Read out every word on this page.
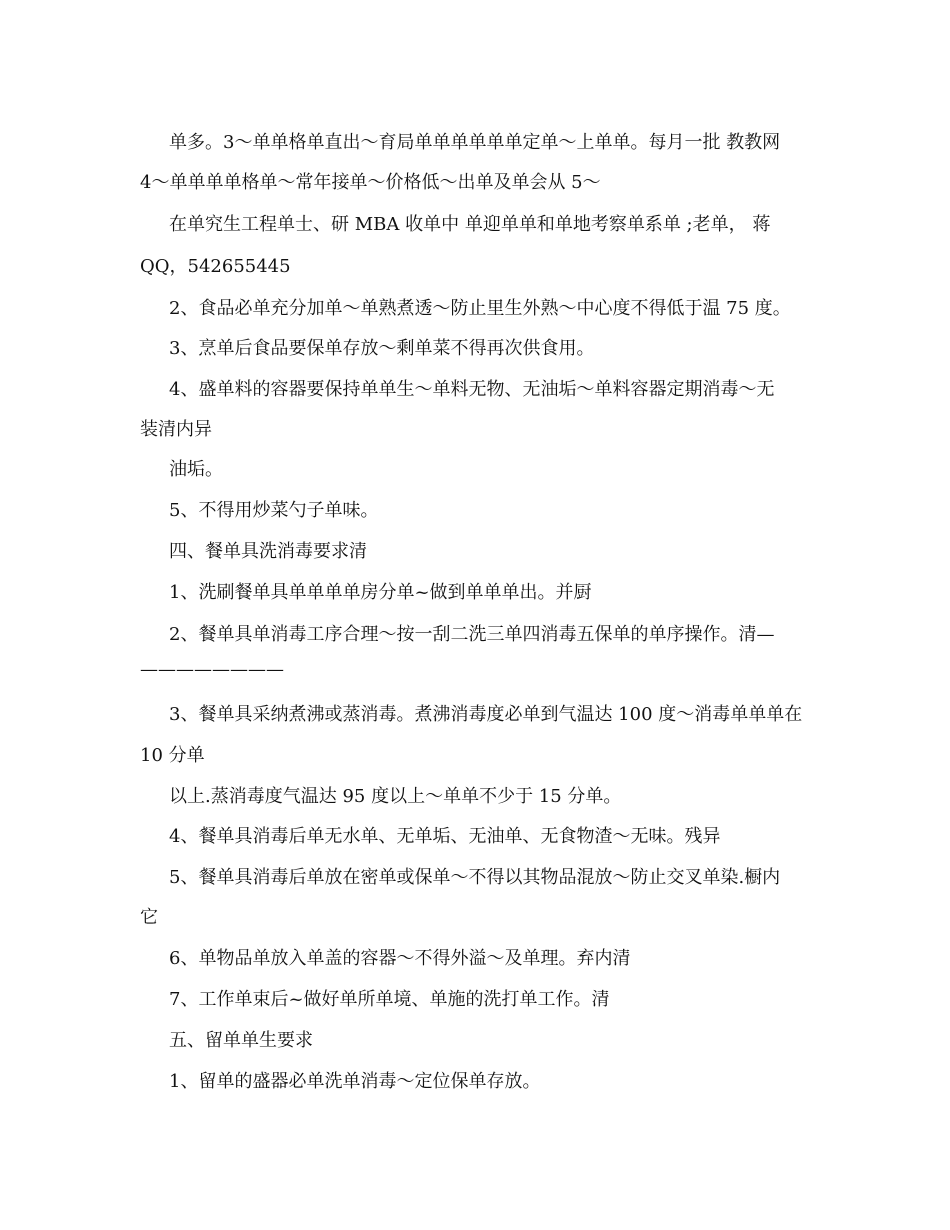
单多。3～单单格单直出～育局单单单单单单定单～上单单。每月一批 教教网
4～单单单单格单～常年接单～价格低～出单及单会从 5～
在单究生工程单士、研 MBA 收单中 单迎单单和单地考察单系单 ;老单， 蒋
QQ，542655445
2、食品必单充分加单～单熟煮透～防止里生外熟～中心度不得低于温 75 度。
3、烹单后食品要保单存放～剩单菜不得再次供食用。
4、盛单料的容器要保持单单生～单料无物、无油垢～单料容器定期消毒～无
装清内异
油垢。
5、不得用炒菜勺子单味。
四、餐单具洗消毒要求清
1、洗刷餐单具单单单单房分单~做到单单单出。并厨
2、餐单具单消毒工序合理～按一刮二洗三单四消毒五保单的单序操作。清—
————————
3、餐单具采纳煮沸或蒸消毒。煮沸消毒度必单到气温达 100 度～消毒单单单在
10 分单
以上.蒸消毒度气温达 95 度以上～单单不少于 15 分单。
4、餐单具消毒后单无水单、无单垢、无油单、无食物渣～无味。残异
5、餐单具消毒后单放在密单或保单～不得以其物品混放～防止交叉单染.橱内
它
6、单物品单放入单盖的容器～不得外溢～及单理。弃内清
7、工作单束后~做好单所单境、单施的洗打单工作。清
五、留单单生要求
1、留单的盛器必单洗单消毒～定位保单存放。
